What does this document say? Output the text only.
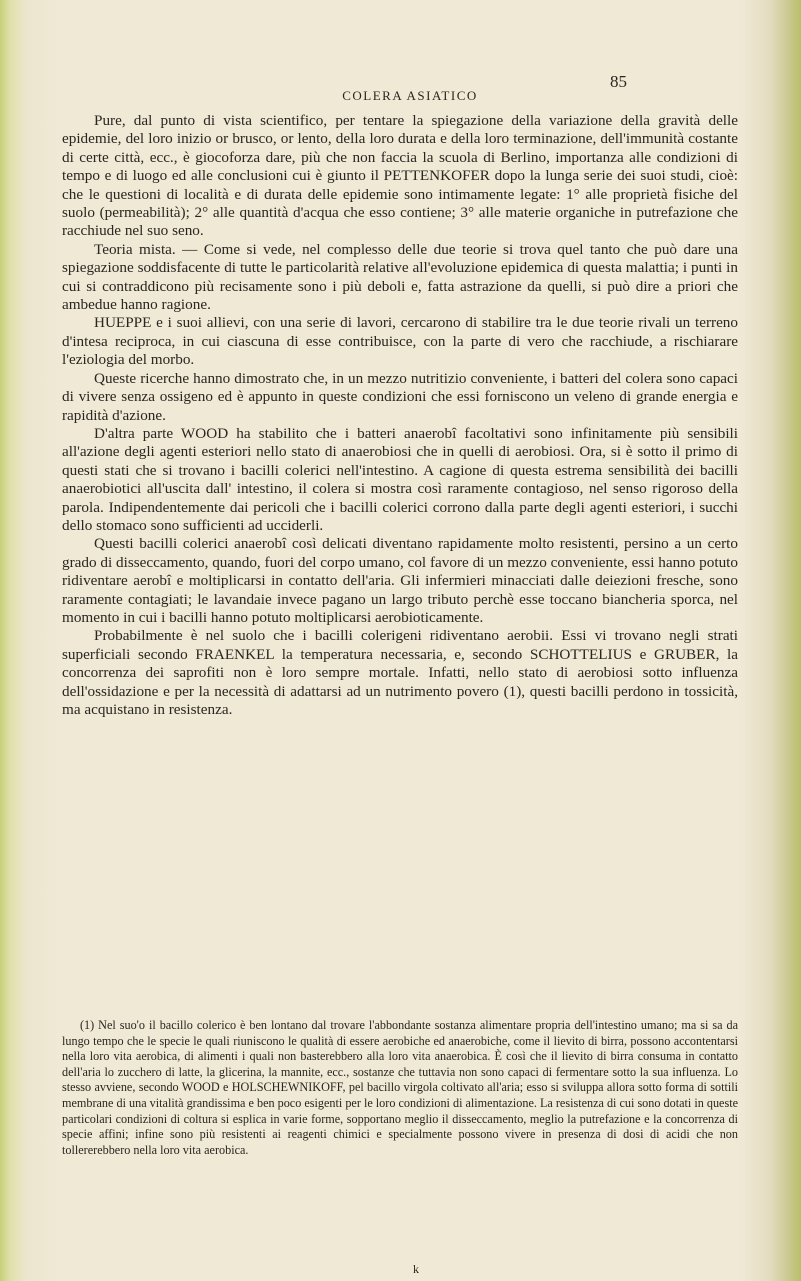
COLERA ASIATICO
85

Pure, dal punto di vista scientifico, per tentare la spiegazione della variazione della gravità delle epidemie, del loro inizio or brusco, or lento, della loro durata e della loro terminazione, dell'immunità costante di certe città, ecc., è giocoforza dare, più che non faccia la scuola di Berlino, importanza alle condizioni di tempo e di luogo ed alle conclusioni cui è giunto il PETTENKOFER dopo la lunga serie dei suoi studi, cioè: che le questioni di località e di durata delle epidemie sono intimamente legate: 1° alle proprietà fisiche del suolo (permeabilità); 2° alle quantità d'acqua che esso contiene; 3° alle materie organiche in putrefazione che racchiude nel suo seno.

Teoria mista. — Come si vede, nel complesso delle due teorie si trova quel tanto che può dare una spiegazione soddisfacente di tutte le particolarità relative all'evoluzione epidemica di questa malattia; i punti in cui si contraddicono più recisamente sono i più deboli e, fatta astrazione da quelli, si può dire a priori che ambedue hanno ragione.

HUEPPE e i suoi allievi, con una serie di lavori, cercarono di stabilire tra le due teorie rivali un terreno d'intesa reciproca, in cui ciascuna di esse contribuisce, con la parte di vero che racchiude, a rischiarare l'eziologia del morbo.

Queste ricerche hanno dimostrato che, in un mezzo nutritizio conveniente, i batteri del colera sono capaci di vivere senza ossigeno ed è appunto in queste condizioni che essi forniscono un veleno di grande energia e rapidità d'azione.

D'altra parte WOOD ha stabilito che i batteri anaerobî facoltativi sono infinitamente più sensibili all'azione degli agenti esteriori nello stato di anaerobiosi che in quelli di aerobiosi. Ora, si è sotto il primo di questi stati che si trovano i bacilli colerici nell'intestino. A cagione di questa estrema sensibilità dei bacilli anaerobiotici all'uscita dall' intestino, il colera si mostra così raramente contagioso, nel senso rigoroso della parola. Indipendentemente dai pericoli che i bacilli colerici corrono dalla parte degli agenti esteriori, i succhi dello stomaco sono sufficienti ad ucciderli.

Questi bacilli colerici anaerobî così delicati diventano rapidamente molto resistenti, persino a un certo grado di disseccamento, quando, fuori del corpo umano, col favore di un mezzo conveniente, essi hanno potuto ridiventare aerobî e moltiplicarsi in contatto dell'aria. Gli infermieri minacciati dalle deiezioni fresche, sono raramente contagiati; le lavandaie invece pagano un largo tributo perchè esse toccano biancheria sporca, nel momento in cui i bacilli hanno potuto moltiplicarsi aerobioticamente.

Probabilmente è nel suolo che i bacilli colerigeni ridiventano aerobii. Essi vi trovano negli strati superficiali secondo FRAENKEL la temperatura necessaria, e, secondo SCHOTTELIUS e GRUBER, la concorrenza dei saprofiti non è loro sempre mortale. Infatti, nello stato di aerobiosi sotto influenza dell'ossidazione e per la necessità di adattarsi ad un nutrimento povero (1), questi bacilli perdono in tossicità, ma acquistano in resistenza.

(1) Nel suo'o il bacillo colerico è ben lontano dal trovare l'abbondante sostanza alimentare propria dell'intestino umano; ma si sa da lungo tempo che le specie le quali riuniscono le qualità di essere aerobiche ed anaerobiche, come il lievito di birra, possono accontentarsi nella loro vita aerobica, di alimenti i quali non basterebbero alla loro vita anaerobica. È così che il lievito di birra consuma in contatto dell'aria lo zucchero di latte, la glicerina, la mannite, ecc., sostanze che tuttavia non sono capaci di fermentare sotto la sua influenza. Lo stesso avviene, secondo WOOD e HOLSCHEWNIKOFF, pel bacillo virgola coltivato all'aria; esso si sviluppa allora sotto forma di sottili membrane di una vitalità grandissima e ben poco esigenti per le loro condizioni di alimentazione. La resistenza di cui sono dotati in queste particolari condizioni di coltura si esplica in varie forme, sopportano meglio il disseccamento, meglio la putrefazione e la concorrenza di specie affini; infine sono più resistenti ai reagenti chimici e specialmente possono vivere in presenza di dosi di acidi che non tollererebbero nella loro vita aerobica.

k
